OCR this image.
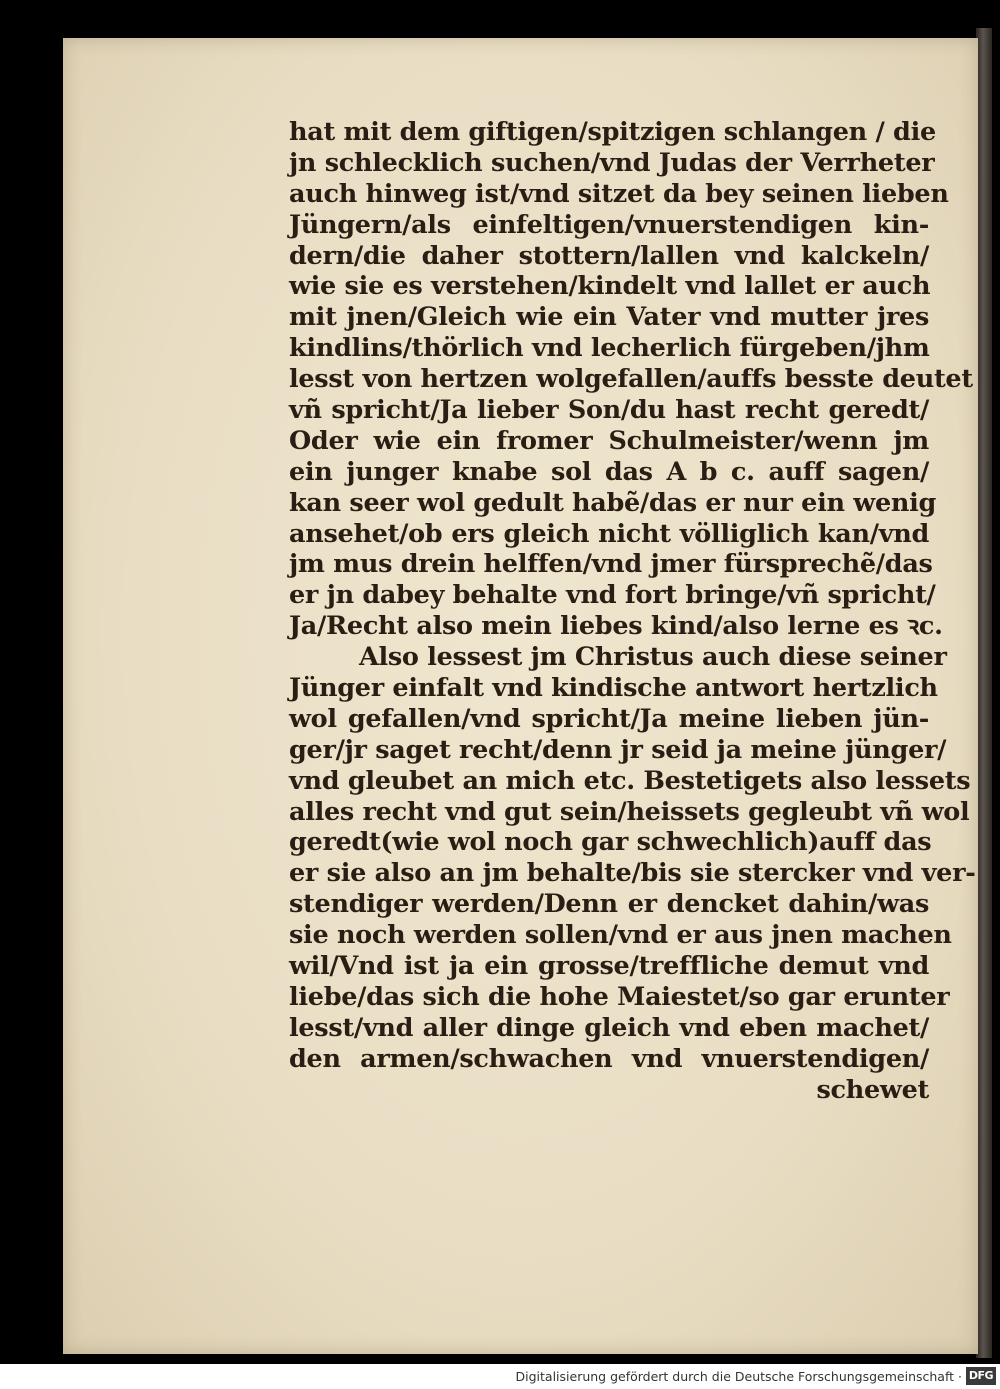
hat mit dem giftigen/spitzigen schlangen / die
jn schlecklich suchen/vnd Judas der Verrheter
auch hinweg ist/vnd sitzet da bey seinen lieben
Jüngern/als einfeltigen/vnuerstendigen kin-
dern/die daher stottern/lallen vnd kalckeln/
wie sie es verstehen/kindelt vnd lallet er auch
mit jnen/Gleich wie ein Vater vnd mutter jres
kindlins/thörlich vnd lecherlich fürgeben/jhm
lesst von hertzen wolgefallen/auffs besste deutet
vñ spricht/Ja lieber Son/du hast recht geredt/
Oder wie ein fromer Schulmeister/wenn jm
ein junger knabe sol das A b c. auff sagen/
kan seer wol gedult habẽ/das er nur ein wenig
ansehet/ob ers gleich nicht völliglich kan/vnd
jm mus drein helffen/vnd jmer fürsprechẽ/das
er jn dabey behalte vnd fort bringe/vñ spricht/
Ja/Recht also mein liebes kind/also lerne es ꝛc.
Also lessest jm Christus auch diese seiner
Jünger einfalt vnd kindische antwort hertzlich
wol gefallen/vnd spricht/Ja meine lieben jün-
ger/jr saget recht/denn jr seid ja meine jünger/
vnd gleubet an mich etc. Bestetigets also lessets
alles recht vnd gut sein/heissets gegleubt vñ wol
geredt(wie wol noch gar schwechlich)auff das
er sie also an jm behalte/bis sie stercker vnd ver-
stendiger werden/Denn er dencket dahin/was
sie noch werden sollen/vnd er aus jnen machen
wil/Vnd ist ja ein grosse/treffliche demut vnd
liebe/das sich die hohe Maiestet/so gar erunter
lesst/vnd aller dinge gleich vnd eben machet/
den armen/schwachen vnd vnuerstendigen/
schewet
Digitalisierung gefördert durch die Deutsche Forschungsgemeinschaft · DFG
